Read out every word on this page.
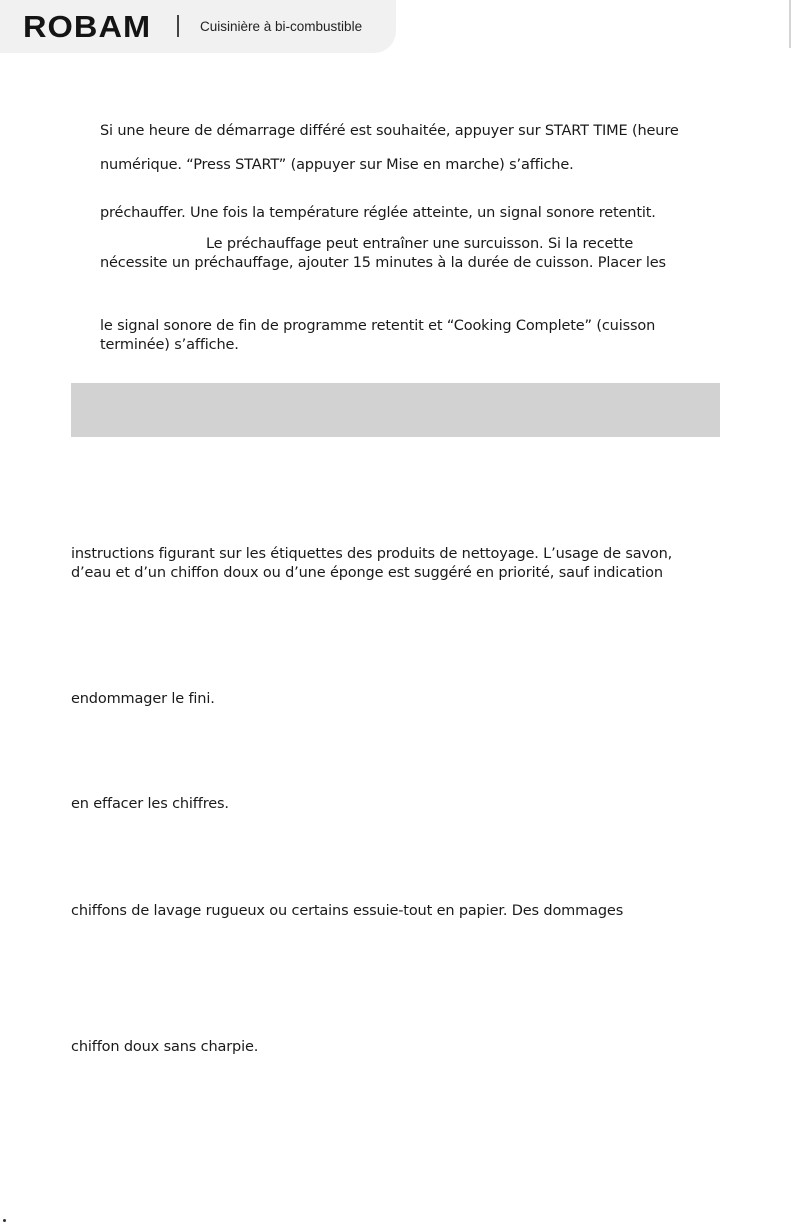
ROBAM	Cuisinière à bi-combustible

Si une heure de démarrage différé est souhaitée, appuyer sur START TIME (heure

numérique. “Press START” (appuyer sur Mise en marche) s’affiche.

préchauffer. Une fois la température réglée atteinte, un signal sonore retentit.

Le préchauffage peut entraîner une surcuisson. Si la recette

nécessite un préchauffage, ajouter 15 minutes à la durée de cuisson. Placer les

le signal sonore de fin de programme retentit et “Cooking Complete” (cuisson

terminée) s’affiche.

instructions figurant sur les étiquettes des produits de nettoyage. L’usage de savon,

d’eau et d’un chiffon doux ou d’une éponge est suggéré en priorité, sauf indication

endommager le fini.

en effacer les chiffres.

chiffons de lavage rugueux ou certains essuie-tout en papier. Des dommages

chiffon doux sans charpie.
